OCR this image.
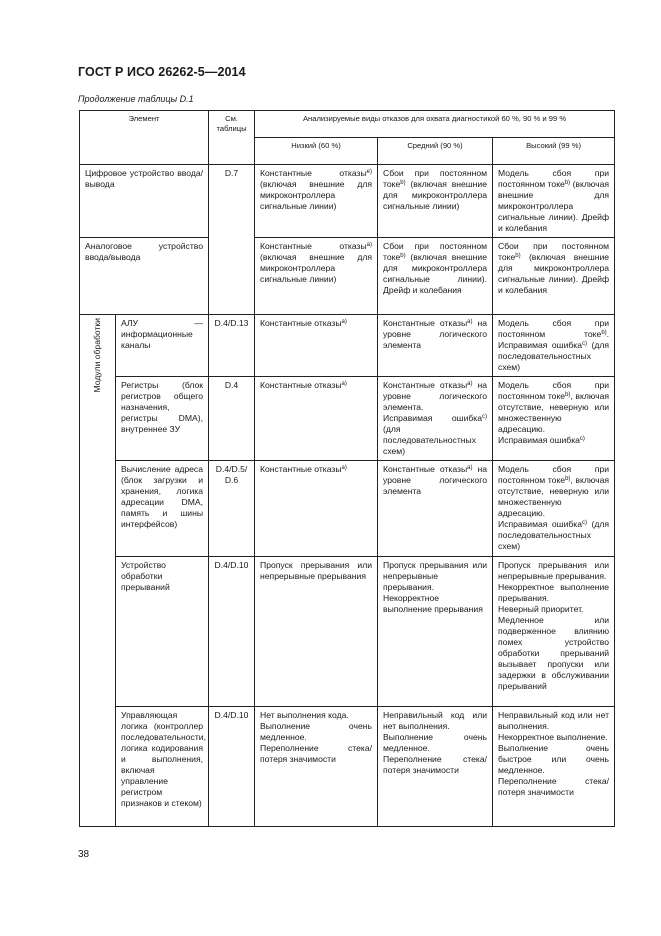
ГОСТ Р ИСО 26262-5—2014
Продолжение таблицы D.1
Элемент		См. таблицы	Анализируемые виды отказов для охвата диагностикой 60 %, 90 % и 99 %		
			Низкий (60 %)	Средний (90 %)	Высокий (99 %)
Цифровое устройство ввода/вывода		D.7	Константные отказы$^{e)}$ (включая внешние для микроконтроллера сигнальные линии)	Сбои при постоянном токе$^{b)}$ (включая внешние для микроконтроллера сигнальные линии)	Модель сбоя при постоянном токе$^{b)}$ (включая внешние для микроконтроллера сигнальные линии). Дрейф и колебания
Аналоговое устройство ввода/вывода			Константные отказы$^{a)}$ (включая внешние для микроконтроллера сигнальные линии)	Сбои при постоянном токе$^{b)}$ (включая внешние для микроконтроллера сигнальные линии). Дрейф и колебания	Сбои при постоянном токе$^{b)}$ (включая внешние для микроконтроллера сигнальные линии). Дрейф и колебания
Модули обработки	АЛУ — информационные каналы	D.4/D.13	Константные отказы$^{a)}$	Константные отказы$^{a)}$ на уровне логического элемента	Модель сбоя при постоянном токе$^{b)}$. Исправимая ошибка$^{c)}$ (для последовательностных схем)
	Регистры (блок регистров общего назначения, регистры DMA), внутреннее ЗУ	D.4	Константные отказы$^{a)}$	Константные отказы$^{a)}$ на уровне логического элемента.
Исправимая ошибка$^{c)}$ (для последовательностных схем)	Модель сбоя при постоянном токе$^{b)}$, включая отсутствие, неверную или множественную адресацию.
Исправимая ошибка$^{c)}$

	Вычисление адреса (блок загрузки и хранения, логика адресации DMA, память и шины интерфейсов)	D.4/D.5/ D.6	Константные отказы$^{a)}$	Константные отказы$^{a)}$ на уровне логического элемента	Модель сбоя при постоянном токе$^{b)}$, включая отсутствие, неверную или множественную адресацию.
Исправимая ошибка$^{c)}$ (для последовательностных схем)

	Устройство обработки прерываний	D.4/D.10	Пропуск прерывания или непрерывные прерывания	Пропуск прерывания или непрерывные прерывания.
Некорректное выполнение прерывания	Пропуск прерывания или непрерывные прерывания.
Некорректное выполнение прерывания.
Неверный приоритет.
Медленное или подверженное влиянию помех устройство обработки прерываний вызывает пропуски или задержки в обслуживании прерываний

	Управляющая логика (контроллер последовательности, логика кодирования и выполнения, включая управление регистром признаков и стеком)	D.4/D.10	Нет выполнения кода.
Выполнение очень медленное.
Переполнение стека/потеря значимости	Неправильный код или нет выполнения.
Выполнение очень медленное.
Переполнение стека/потеря значимости	Неправильный код или нет выполнения.
Некорректное выполнение.
Выполнение очень быстрое или очень медленное.
Переполнение стека/потеря значимости
38
